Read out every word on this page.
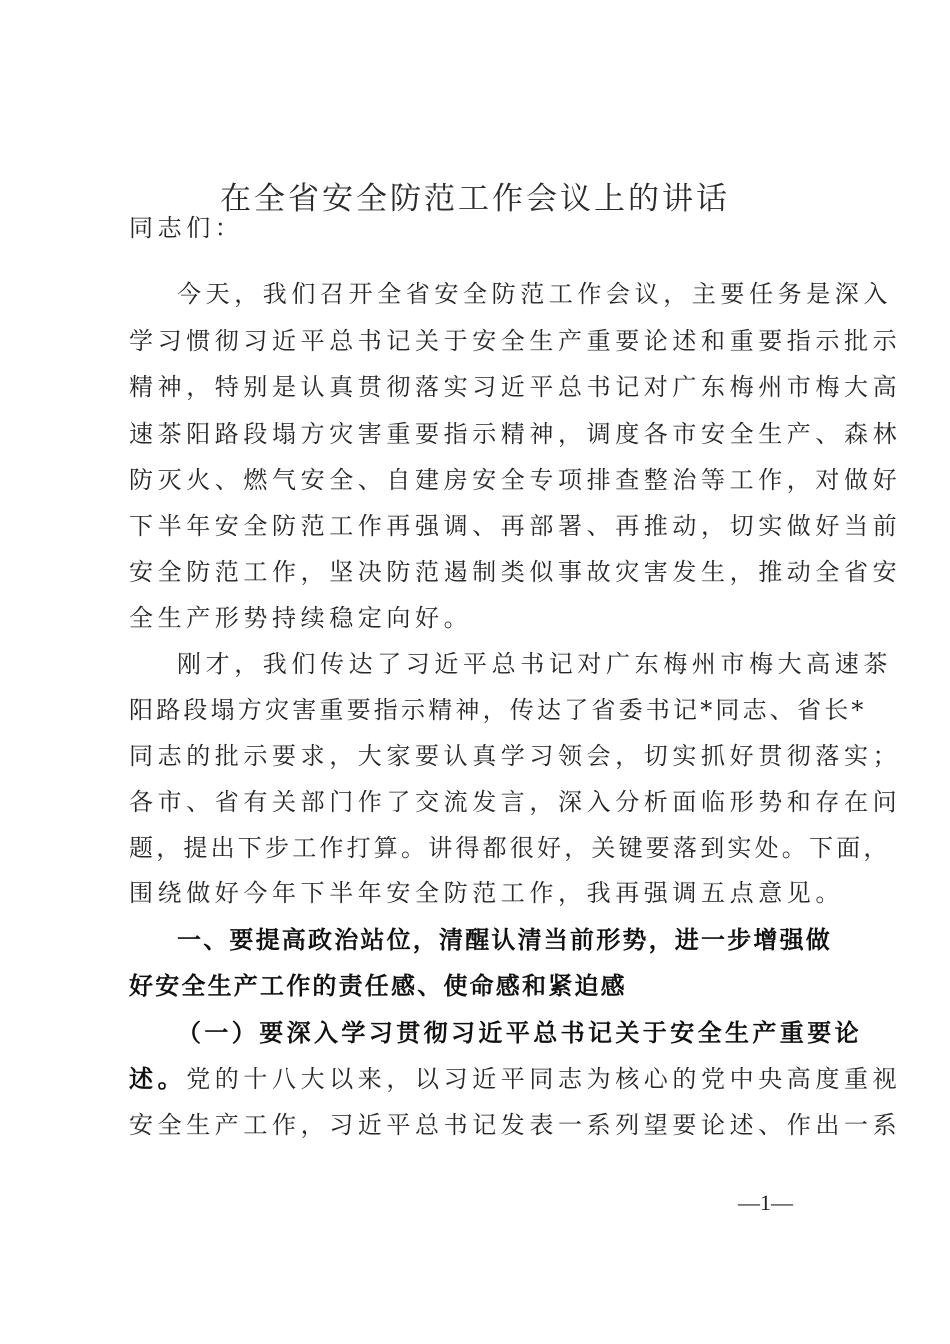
在全省安全防范工作会议上的讲话
同志们：
今天，我们召开全省安全防范工作会议，主要任务是深入
学习惯彻习近平总书记关于安全生产重要论述和重要指示批示
精神，特别是认真贯彻落实习近平总书记对广东梅州市梅大高
速茶阳路段塌方灾害重要指示精神，调度各市安全生产、森林
防灭火、燃气安全、自建房安全专项排查整治等工作，对做好
下半年安全防范工作再强调、再部署、再推动，切实做好当前
安全防范工作，坚决防范遏制类似事故灾害发生，推动全省安
全生产形势持续稳定向好。
刚才，我们传达了习近平总书记对广东梅州市梅大高速茶
阳路段塌方灾害重要指示精神，传达了省委书记*同志、省长*
同志的批示要求，大家要认真学习领会，切实抓好贯彻落实；
各市、省有关部门作了交流发言，深入分析面临形势和存在问
题，提出下步工作打算。讲得都很好，关键要落到实处。下面，
围绕做好今年下半年安全防范工作，我再强调五点意见。
一、要提高政治站位，清醒认清当前形势，进一步增强做
好安全生产工作的责任感、使命感和紧迫感
（一）要深入学习贯彻习近平总书记关于安全生产重要论
述。党的十八大以来，以习近平同志为核心的党中央高度重视
安全生产工作，习近平总书记发表一系列望要论述、作出一系
—1—
